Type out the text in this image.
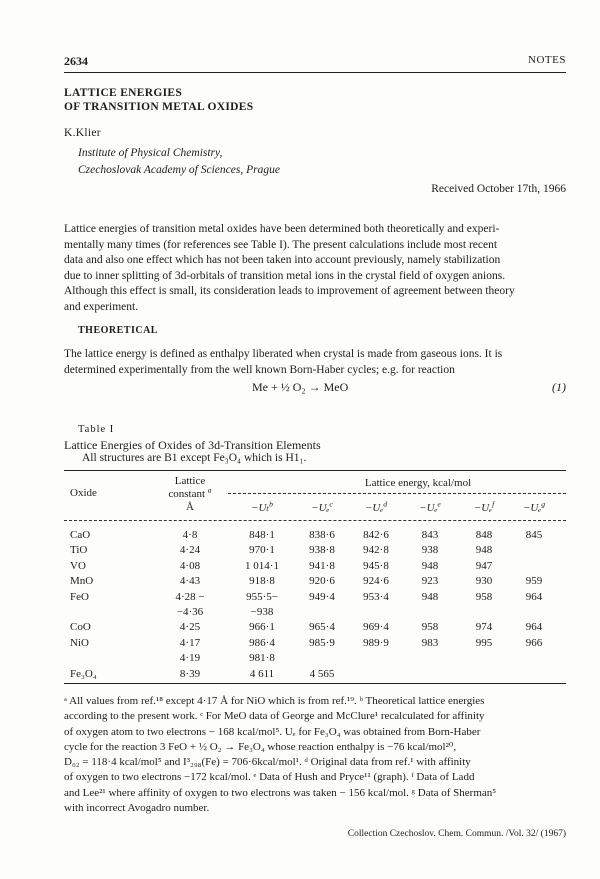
2634	NOTES
LATTICE ENERGIES
OF TRANSITION METAL OXIDES
K.Klier
Institute of Physical Chemistry,
Czechoslovak Academy of Sciences, Prague
Received October 17th, 1966
Lattice energies of transition metal oxides have been determined both theoretically and experi-
mentally many times (for references see Table I). The present calculations include most recent
data and also one effect which has not been taken into account previously, namely stabilization
due to inner splitting of 3d-orbitals of transition metal ions in the crystal field of oxygen anions.
Although this effect is small, its consideration leads to improvement of agreement between theory
and experiment.
THEORETICAL
The lattice energy is defined as enthalpy liberated when crystal is made from gaseous ions. It is
determined experimentally from the well known Born-Haber cycles; e.g. for reaction
Me + ½ O₂ → MeO	(1)
Table I
Lattice Energies of Oxides of 3d-Transition Elements
All structures are B1 except Fe₃O₄ which is H1₁.
Oxide
Lattice
constant $^a$
Å
Lattice energy, kcal/mol
−Uₜ$^b$	−Uₑ$^c$	−Uₑ$^d$	−Uₑ$^e$	−Uₑ$^f$	−Uₑ$^g$
CaO	4·8	848·1	838·6	842·6	843	848	845
TiO	4·24	970·1	938·8	942·8	938	948
VO	4·08	1 014·1	941·8	945·8	948	947
MnO	4·43	918·8	920·6	924·6	923	930	959
FeO	4·28 −	955·5−	949·4	953·4	948	958	964
−4·36	−938
CoO	4·25	966·1	965·4	969·4	958	974	964
NiO	4·17	986·4	985·9	989·9	983	995	966
4·19	981·8
Fe₃O₄	8·39	4 611	4 565
ᵃ All values from ref.¹⁸ except 4·17 Å for NiO which is from ref.¹⁹. ᵇ Theoretical lattice energies
according to the present work. ᶜ For MeO data of George and McClure¹ recalculated for affinity
of oxygen atom to two electrons − 168 kcal/mol⁵. Uₑ for Fe₃O₄ was obtained from Born-Haber
cycle for the reaction 3 FeO + ½ O₂ → Fe₃O₄ whose reaction enthalpy is −76 kcal/mol²⁰,
D₀₂ = 118·4 kcal/mol⁵ and I³₂₉₈(Fe) = 706·6kcal/mol¹. ᵈ Original data from ref.¹ with affinity
of oxygen to two electrons −172 kcal/mol. ᵉ Data of Hush and Pryce¹¹ (graph). ᶠ Data of Ladd
and Lee²¹ where affinity of oxygen to two electrons was taken − 156 kcal/mol. ᵍ Data of Sherman⁵
with incorrect Avogadro number.
Collection Czechoslov. Chem. Commun. /Vol. 32/ (1967)
